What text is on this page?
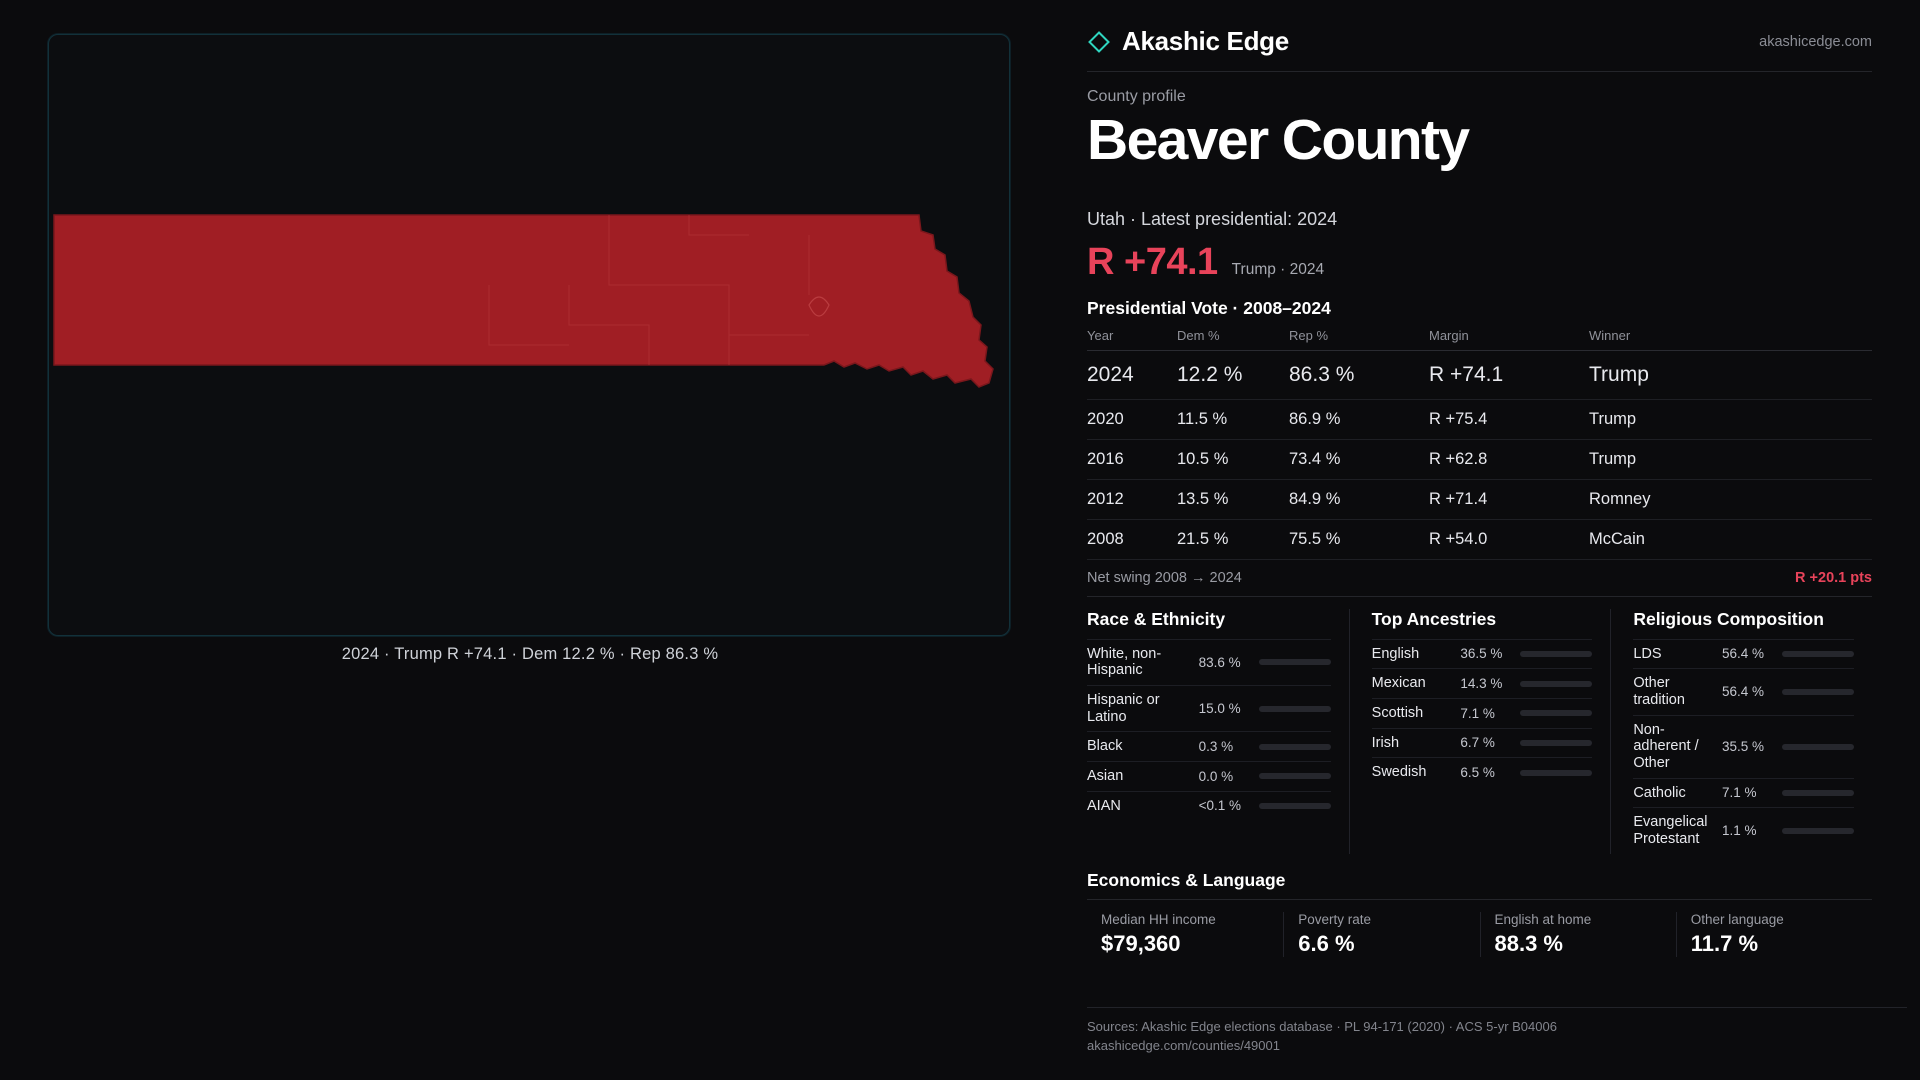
2024 · Trump R +74.1 · Dem 12.2 % · Rep 86.3 %
Akashic Edge	akashicedge.com
County profile
Beaver County
Utah · Latest presidential: 2024
R +74.1 Trump · 2024
Presidential Vote · 2008–2024
Year	Dem %	Rep %	Margin	Winner
2024	12.2 %	86.3 %	R +74.1	Trump
2020	11.5 %	86.9 %	R +75.4	Trump
2016	10.5 %	73.4 %	R +62.8	Trump
2012	13.5 %	84.9 %	R +71.4	Romney
2008	21.5 %	75.5 %	R +54.0	McCain
Net swing 2008 → 2024	R +20.1 pts
Race & Ethnicity
White, non-Hispanic	83.6 %
Hispanic or Latino	15.0 %
Black	0.3 %
Asian	0.0 %
AIAN	<0.1 %
Top Ancestries
English	36.5 %
Mexican	14.3 %
Scottish	7.1 %
Irish	6.7 %
Swedish	6.5 %
Religious Composition
LDS	56.4 %
Other tradition	56.4 %
Non-adherent / Other
35.5 %
Catholic	7.1 %
Evangelical Protestant	1.1 %
Economics & Language
Median HH income
$79,360
Poverty rate
6.6 %
English at home
88.3 %
Other language
11.7 %
Sources: Akashic Edge elections database · PL 94-171 (2020) · ACS 5-yr B04006
akashicedge.com/counties/49001
